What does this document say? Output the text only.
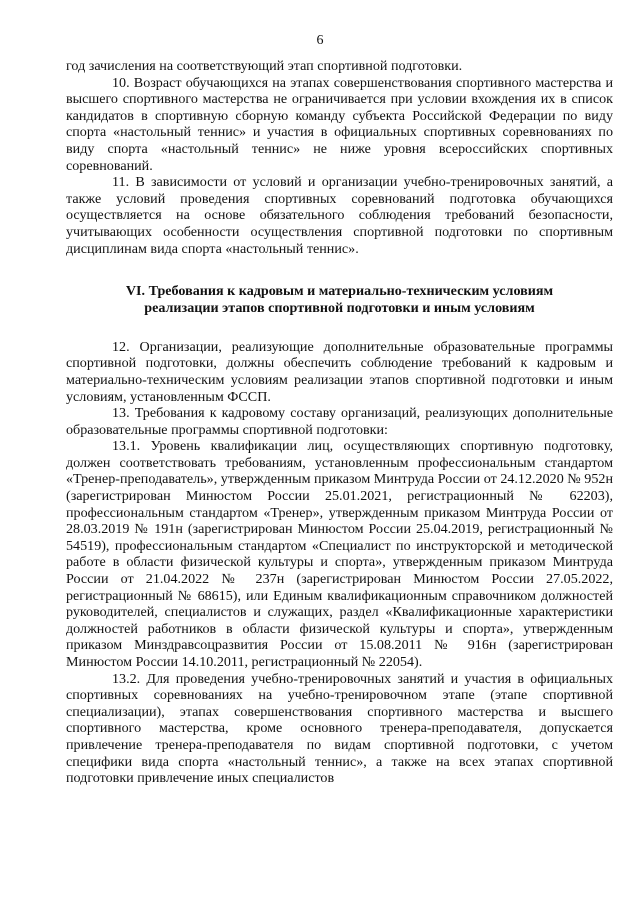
6

год зачисления на соответствующий этап спортивной подготовки.

10. Возраст обучающихся на этапах совершенствования спортивного мастерства и высшего спортивного мастерства не ограничивается при условии вхождения их в список кандидатов в спортивную сборную команду субъекта Российской Федерации по виду спорта «настольный теннис» и участия в официальных спортивных соревнованиях по виду спорта «настольный теннис» не ниже уровня всероссийских спортивных соревнований.

11. В зависимости от условий и организации учебно-тренировочных занятий, а также условий проведения спортивных соревнований подготовка обучающихся осуществляется на основе обязательного соблюдения требований безопасности, учитывающих особенности осуществления спортивной подготовки по спортивным дисциплинам вида спорта «настольный теннис».

VI. Требования к кадровым и материально-техническим условиям
реализации этапов спортивной подготовки и иным условиям

12. Организации, реализующие дополнительные образовательные программы спортивной подготовки, должны обеспечить соблюдение требований к кадровым и материально-техническим условиям реализации этапов спортивной подготовки и иным условиям, установленным ФССП.

13. Требования к кадровому составу организаций, реализующих дополнительные образовательные программы спортивной подготовки:

13.1. Уровень квалификации лиц, осуществляющих спортивную подготовку, должен соответствовать требованиям, установленным профессиональным стандартом «Тренер-преподаватель», утвержденным приказом Минтруда России от 24.12.2020 № 952н (зарегистрирован Минюстом России 25.01.2021, регистрационный № 62203), профессиональным стандартом «Тренер», утвержденным приказом Минтруда России от 28.03.2019 № 191н (зарегистрирован Минюстом России 25.04.2019, регистрационный № 54519), профессиональным стандартом «Специалист по инструкторской и методической работе в области физической культуры и спорта», утвержденным приказом Минтруда России от 21.04.2022 № 237н (зарегистрирован Минюстом России 27.05.2022, регистрационный № 68615), или Единым квалификационным справочником должностей руководителей, специалистов и служащих, раздел «Квалификационные характеристики должностей работников в области физической культуры и спорта», утвержденным приказом Минздравсоцразвития России от 15.08.2011 № 916н (зарегистрирован Минюстом России 14.10.2011, регистрационный № 22054).

13.2. Для проведения учебно-тренировочных занятий и участия в официальных спортивных соревнованиях на учебно-тренировочном этапе (этапе спортивной специализации), этапах совершенствования спортивного мастерства и высшего спортивного мастерства, кроме основного тренера-преподавателя, допускается привлечение тренера-преподавателя по видам спортивной подготовки, с учетом специфики вида спорта «настольный теннис», а также на всех этапах спортивной подготовки привлечение иных специалистов
